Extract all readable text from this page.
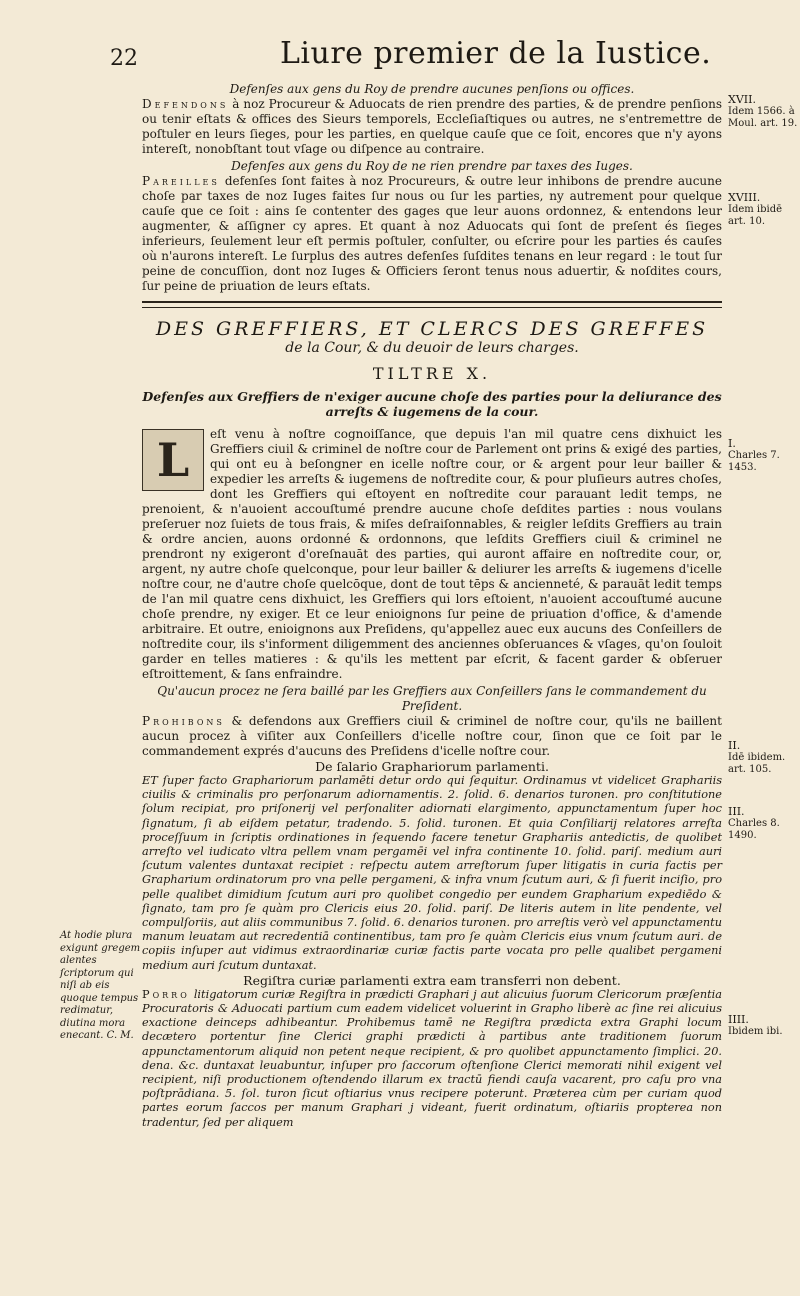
22	Liure premier de la Iustice.
XVII.
Idem 1566. à Moul. art. 19.
XVIII.
Idem ibidē art. 10.
I.
Charles 7. 1453.
II.
Idē ibidem. art. 105.
III.
Charles 8. 1490.
IIII.
Ibidem ibi.
At hodie plura exigunt gregem alentes ſcriptorum qui niſi ab eis quoque tempus redimatur, diutina mora enecant. C. M.
Defenſes aux gens du Roy de prendre aucunes penſions ou offices.

Defendons à noz Procureur & Aduocats de rien prendre des parties, & de prendre penſions ou tenir eſtats & offices des Sieurs temporels, Eccleſiaſtiques ou autres, ne s'entremettre de poſtuler en leurs ſieges, pour les parties, en quelque cauſe que ce ſoit, encores que n'y ayons intereſt, nonobſtant tout vſage ou diſpence au contraire.

Defenſes aux gens du Roy de ne rien prendre par taxes des Iuges.

Pareilles defenſes ſont faites à noz Procureurs, & outre leur inhibons de prendre aucune choſe par taxes de noz Iuges faites ſur nous ou ſur les parties, ny autrement pour quelque cauſe que ce ſoit : ains ſe contenter des gages que leur auons ordonnez, & entendons leur augmenter, & aſſigner cy apres. Et quant à noz Aduocats qui ſont de preſent és ſieges inferieurs, ſeulement leur eſt permis poſtuler, conſulter, ou eſcrire pour les parties és cauſes où n'aurons intereſt. Le ſurplus des autres defenſes ſuſdites tenans en leur regard : le tout ſur peine de concuſſion, dont noz Iuges & Officiers ſeront tenus nous aduertir, & noſdites cours, ſur peine de priuation de leurs eſtats.

DES GREFFIERS, ET CLERCS DES GREFFES
de la Cour, & du deuoir de leurs charges.
TILTRE X.
Defenſes aux Greffiers de n'exiger aucune choſe des parties pour la deliurance des arreſts & iugemens de la cour.

L	eſt venu à noſtre cognoiſſance, que depuis l'an mil quatre cens dixhuict les Greffiers ciuil & criminel de noſtre cour de Parlement ont prins & exigé des parties, qui ont eu à beſongner en icelle noſtre cour, or & argent pour leur bailler & expedier les arreſts & iugemens de noſtredite cour, & pour pluſieurs autres choſes, dont les Greffiers qui eſtoyent en noſtredite cour parauant ledit temps, ne prenoient, & n'auoient accouſtumé prendre aucune choſe deſdites parties : nous voulans preſeruer noz ſuiets de tous frais, & miſes deſraiſonnables, & reigler leſdits Greffiers au train & ordre ancien, auons ordonné & ordonnons, que leſdits Greffiers ciuil & criminel ne prendront ny exigeront d'oreſnauāt des parties, qui auront affaire en noſtredite cour, or, argent, ny autre choſe quelconque, pour leur bailler & deliurer les arreſts & iugemens d'icelle noſtre cour, ne d'autre choſe quelcōque, dont de tout tēps & ancienneté, & parauāt ledit temps de l'an mil quatre cens dixhuict, les Greffiers qui lors eſtoient, n'auoient accouſtumé aucune choſe prendre, ny exiger. Et ce leur enioignons ſur peine de priuation d'office, & d'amende arbitraire. Et outre, enioignons aux Preſidens, qu'appellez auec eux aucuns des Conſeillers de noſtredite cour, ils s'informent diligemment des anciennes obſeruances & vſages, qu'on ſouloit garder en telles matieres : & qu'ils les mettent par eſcrit, & facent garder & obſeruer eſtroittement, & ſans enfraindre.

Qu'aucun procez ne ſera baillé par les Greffiers aux Conſeillers ſans le commandement du Preſident.

Prohibons & defendons aux Greffiers ciuil & criminel de noſtre cour, qu'ils ne baillent aucun procez à viſiter aux Conſeillers d'icelle noſtre cour, ſinon que ce ſoit par le commandement exprés d'aucuns des Preſidens d'icelle noſtre cour.

De ſalario Graphariorum parlamenti.

ET ſuper facto Graphariorum parlamēti detur ordo qui ſequitur. Ordinamus vt videlicet Graphariis ciuilis & criminalis pro perſonarum adiornamentis. 2. ſolid. 6. denarios turonen. pro conſtitutione ſolum recipiat, pro priſonerij vel perſonaliter adiornati elargimento, appunctamentum ſuper hoc ſignatum, ſi ab eiſdem petatur, tradendo. 5. ſolid. turonen. Et quia Conſiliarij relatores arreſta proceſſuum in ſcriptis ordinationes in ſequendo facere tenetur Graphariis antedictis, de quolibet arreſto vel iudicato vltra pellem vnam pergamēi vel infra continente 10. ſolid. pariſ. medium auri ſcutum valentes duntaxat recipiet : reſpectu autem arreſtorum ſuper litigatis in curia factis per Grapharium ordinatorum pro vna pelle pergameni, & infra vnum ſcutum auri, & ſi fuerit inciſio, pro pelle qualibet dimidium ſcutum auri pro quolibet congedio per eundem Grapharium expediēdo & ſignato, tam pro ſe quàm pro Clericis eius 20. ſolid. pariſ. De literis autem in lite pendente, vel compulſoriis, aut aliis communibus 7. ſolid. 6. denarios turonen. pro arreſtis verò vel appunctamentu manum leuatam aut recredentiā continentibus, tam pro ſe quàm Clericis eius vnum ſcutum auri. de copiis inſuper aut vidimus extraordinariæ curiæ factis parte vocata pro pelle qualibet pergameni medium auri ſcutum duntaxat.

Regiſtra curiæ parlamenti extra eam transferri non debent.

Porro litigatorum curiæ Regiſtra in prædicti Graphari j aut alicuius ſuorum Clericorum præſentia Procuratoris & Aduocati partium cum eadem videlicet voluerint in Grapho liberè ac ſine rei alicuius exactione deinceps adhibeantur. Prohibemus tamē ne Regiſtra prædicta extra Graphi locum decætero portentur ſine Clerici graphi prædicti à partibus ante traditionem ſuorum appunctamentorum aliquid non petent neque recipient, & pro quolibet appunctamento ſimplici. 20. dena. &c. duntaxat leuabuntur, inſuper pro ſaccorum oſtenſione Clerici memorati nihil exigent vel recipient, niſi productionem oſtendendo illarum ex tractū fiendi cauſa vacarent, pro caſu pro vna poſtprādiana. 5. ſol. turon ſicut oſtiarius vnus recipere poterunt. Præterea cùm per curiam quod partes eorum ſaccos per manum Graphari j videant, fuerit ordinatum, oſtiariis propterea non tradentur, ſed per aliquem
